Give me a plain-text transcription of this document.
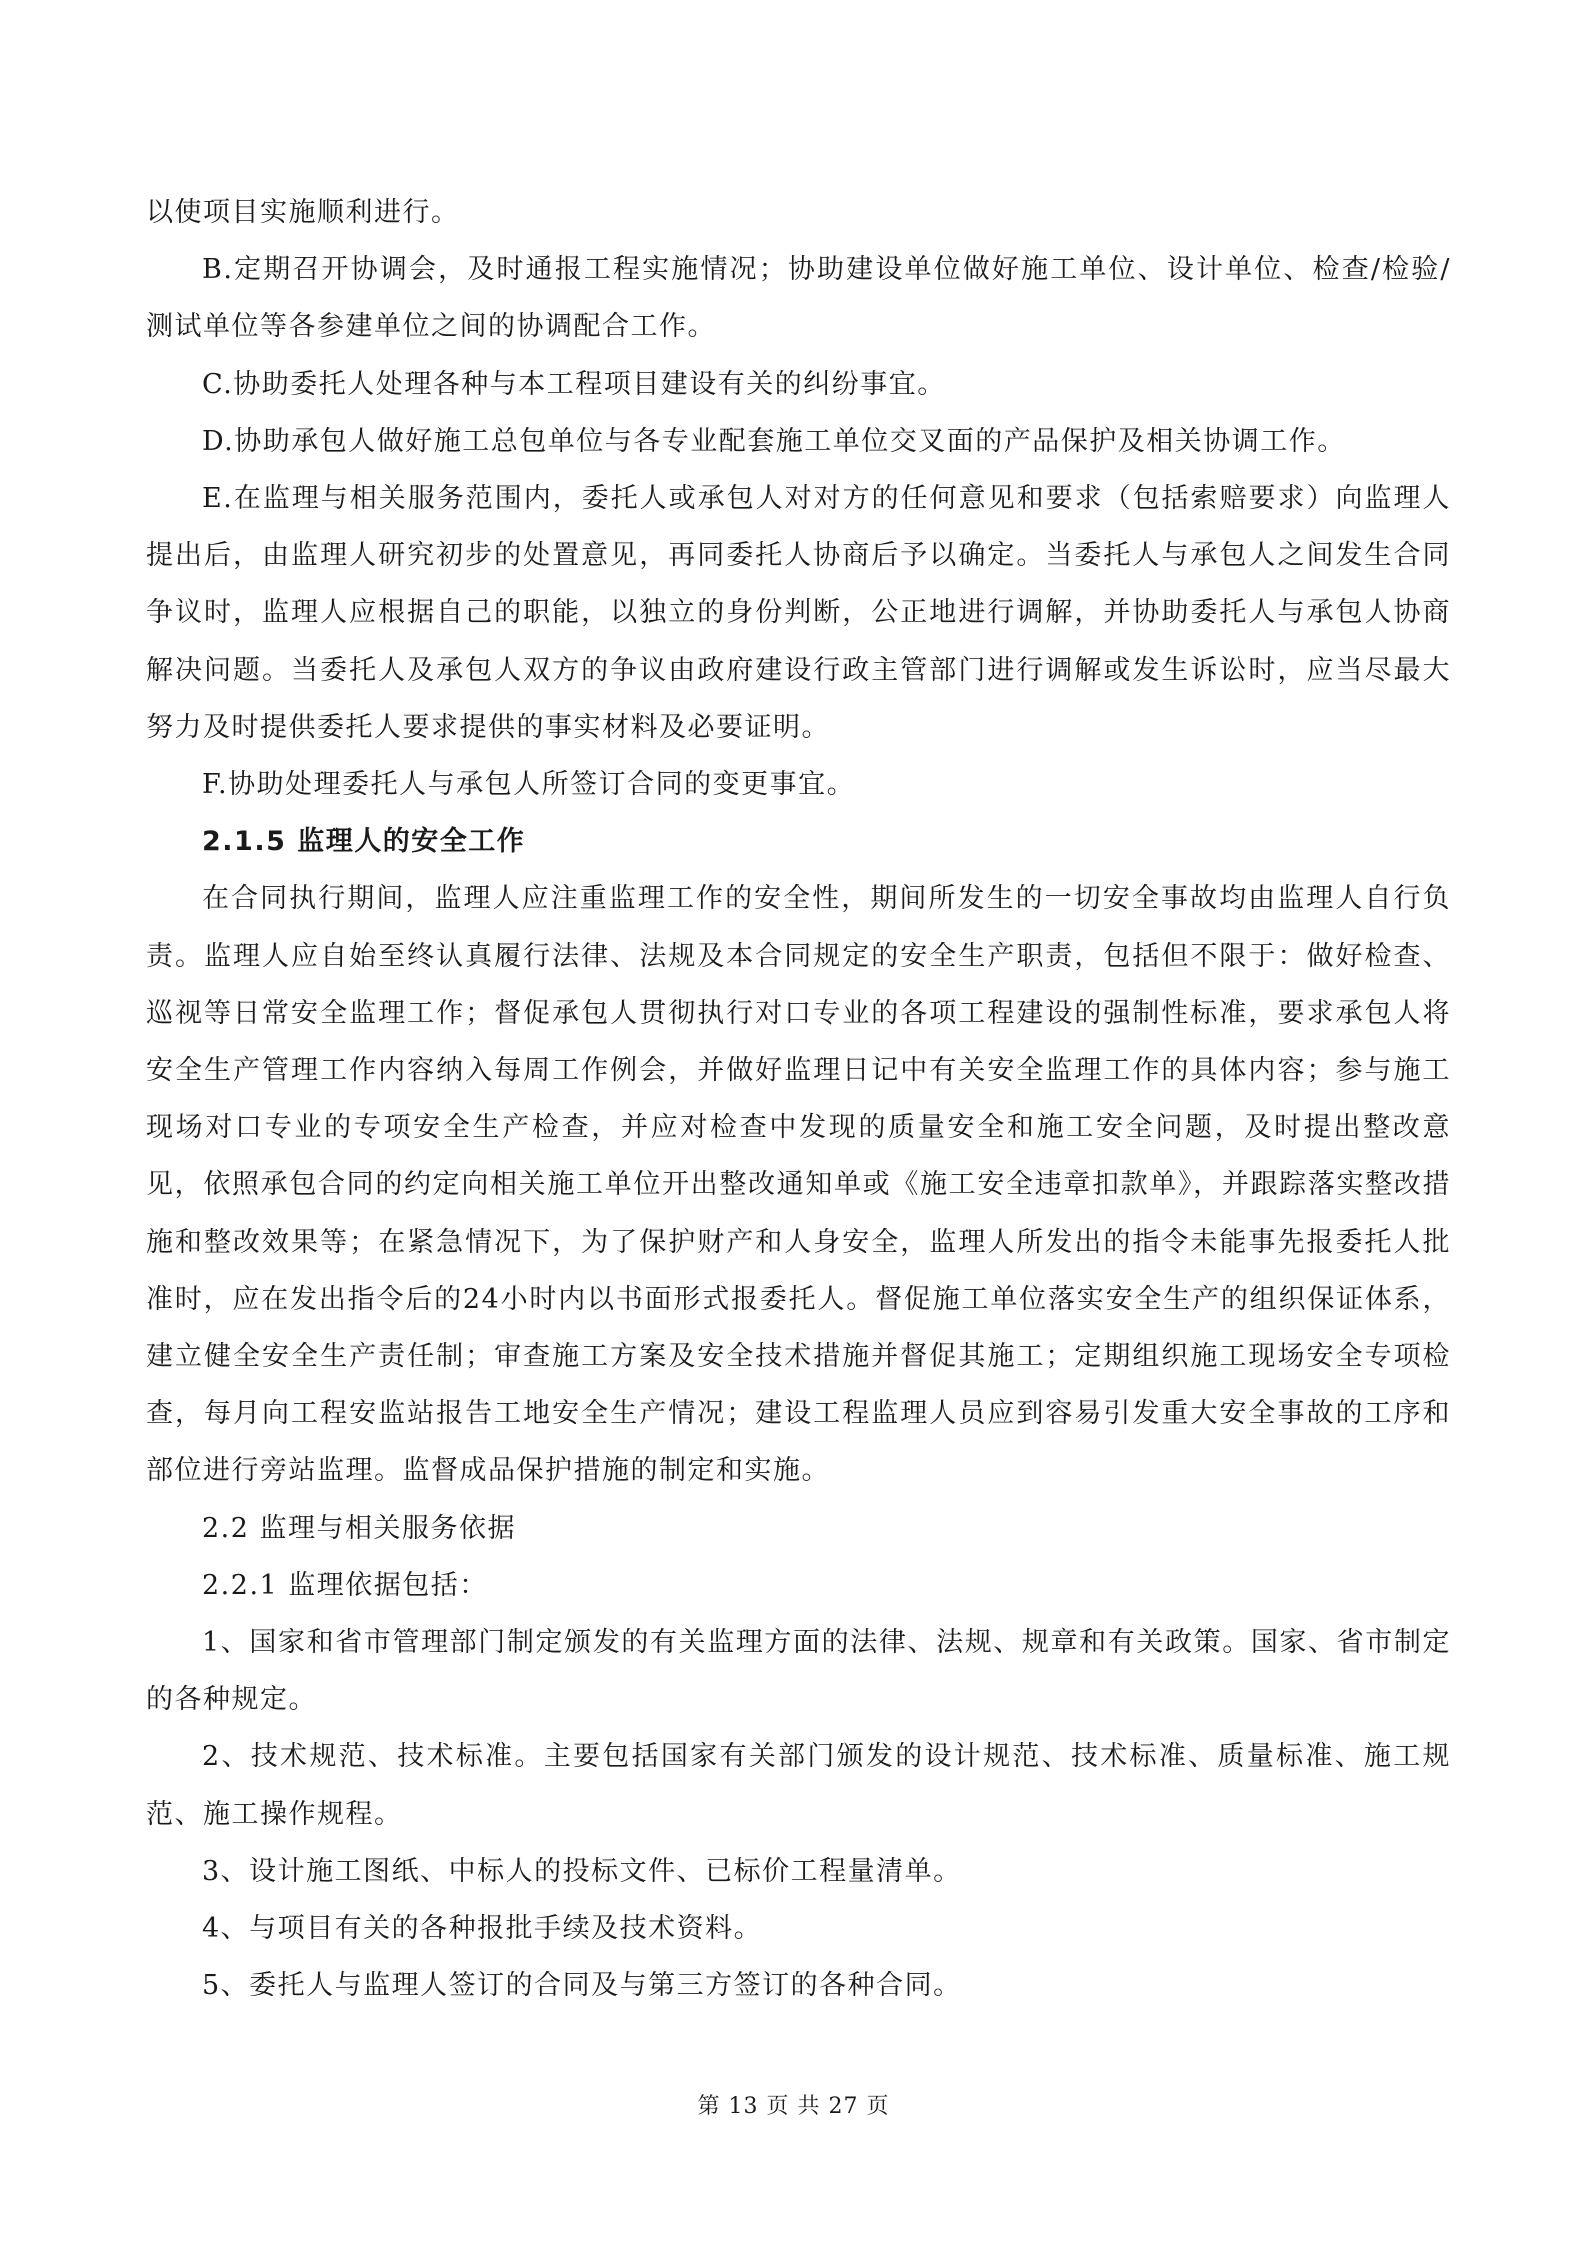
以使项目实施顺利进行。

B.定期召开协调会，及时通报工程实施情况；协助建设单位做好施工单位、设计单位、检查/检验/测试单位等各参建单位之间的协调配合工作。

C.协助委托人处理各种与本工程项目建设有关的纠纷事宜。

D.协助承包人做好施工总包单位与各专业配套施工单位交叉面的产品保护及相关协调工作。

E.在监理与相关服务范围内，委托人或承包人对对方的任何意见和要求（包括索赔要求）向监理人提出后，由监理人研究初步的处置意见，再同委托人协商后予以确定。当委托人与承包人之间发生合同争议时，监理人应根据自己的职能，以独立的身份判断，公正地进行调解，并协助委托人与承包人协商解决问题。当委托人及承包人双方的争议由政府建设行政主管部门进行调解或发生诉讼时，应当尽最大努力及时提供委托人要求提供的事实材料及必要证明。

F.协助处理委托人与承包人所签订合同的变更事宜。

2.1.5 监理人的安全工作

在合同执行期间，监理人应注重监理工作的安全性，期间所发生的一切安全事故均由监理人自行负责。监理人应自始至终认真履行法律、法规及本合同规定的安全生产职责，包括但不限于：做好检查、巡视等日常安全监理工作；督促承包人贯彻执行对口专业的各项工程建设的强制性标准，要求承包人将安全生产管理工作内容纳入每周工作例会，并做好监理日记中有关安全监理工作的具体内容；参与施工现场对口专业的专项安全生产检查，并应对检查中发现的质量安全和施工安全问题，及时提出整改意见，依照承包合同的约定向相关施工单位开出整改通知单或《施工安全违章扣款单》，并跟踪落实整改措施和整改效果等；在紧急情况下，为了保护财产和人身安全，监理人所发出的指令未能事先报委托人批准时，应在发出指令后的24小时内以书面形式报委托人。督促施工单位落实安全生产的组织保证体系，建立健全安全生产责任制；审查施工方案及安全技术措施并督促其施工；定期组织施工现场安全专项检查，每月向工程安监站报告工地安全生产情况；建设工程监理人员应到容易引发重大安全事故的工序和部位进行旁站监理。监督成品保护措施的制定和实施。

2.2 监理与相关服务依据

2.2.1 监理依据包括：

1、国家和省市管理部门制定颁发的有关监理方面的法律、法规、规章和有关政策。国家、省市制定的各种规定。

2、技术规范、技术标准。主要包括国家有关部门颁发的设计规范、技术标准、质量标准、施工规范、施工操作规程。

3、设计施工图纸、中标人的投标文件、已标价工程量清单。

4、与项目有关的各种报批手续及技术资料。

5、委托人与监理人签订的合同及与第三方签订的各种合同。

第 13 页 共 27 页
